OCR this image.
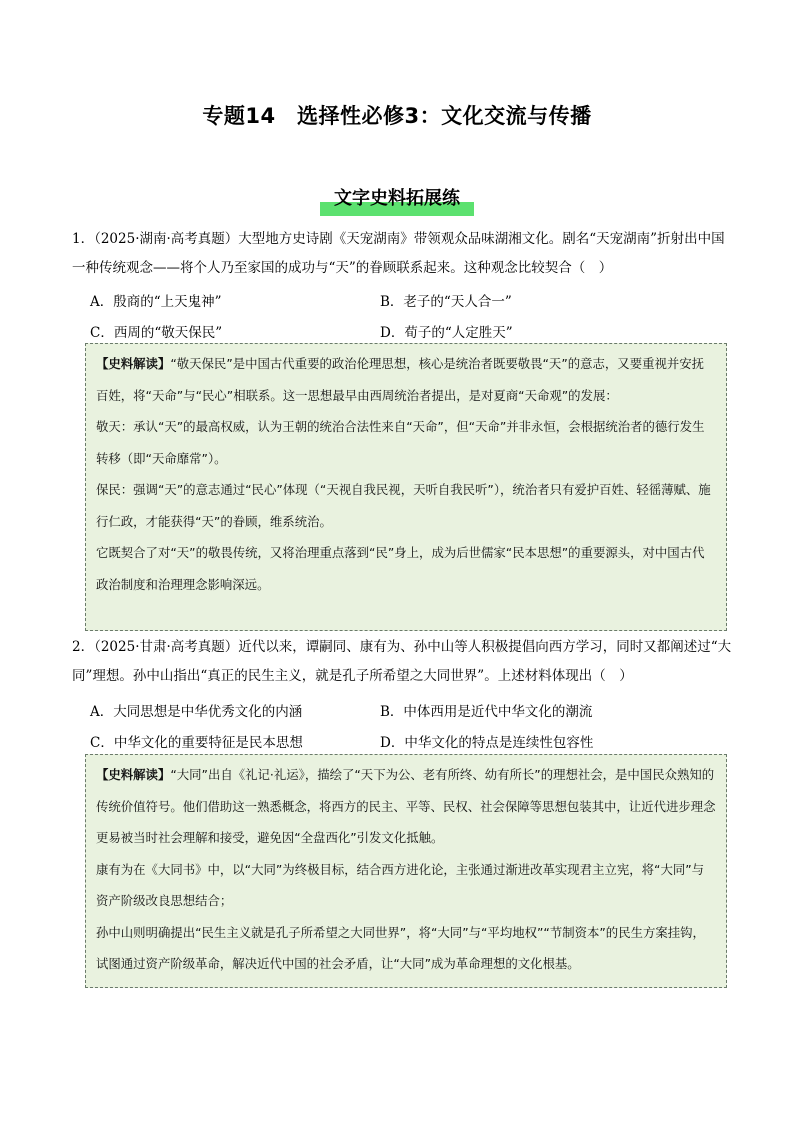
专题14　选择性必修3：文化交流与传播
文字史料拓展练
1．（2025·湖南·高考真题）大型地方史诗剧《天宠湖南》带领观众品味湖湘文化。剧名“天宠湖南”折射出中国一种传统观念——将个人乃至家国的成功与“天”的眷顾联系起来。这种观念比较契合（　）
A．殷商的“上天鬼神”	B．老子的“天人合一”
C．西周的“敬天保民”	D．荀子的“人定胜天”

【史料解读】“敬天保民”是中国古代重要的政治伦理思想，核心是统治者既要敬畏“天”的意志，又要重视并安抚百姓，将“天命”与“民心”相联系。这一思想最早由西周统治者提出，是对夏商“天命观”的发展：

敬天：承认“天”的最高权威，认为王朝的统治合法性来自“天命”，但“天命”并非永恒，会根据统治者的德行发生转移（即“天命靡常”）。

保民：强调“天”的意志通过“民心”体现（“天视自我民视，天听自我民听”），统治者只有爱护百姓、轻徭薄赋、施行仁政，才能获得“天”的眷顾，维系统治。

它既契合了对“天”的敬畏传统，又将治理重点落到“民”身上，成为后世儒家“民本思想”的重要源头，对中国古代政治制度和治理理念影响深远。

2．（2025·甘肃·高考真题）近代以来，谭嗣同、康有为、孙中山等人积极提倡向西方学习，同时又都阐述过“大同”理想。孙中山指出“真正的民生主义，就是孔子所希望之大同世界”。上述材料体现出（　）
A．大同思想是中华优秀文化的内涵	B．中体西用是近代中华文化的潮流
C．中华文化的重要特征是民本思想	D．中华文化的特点是连续性包容性

【史料解读】“大同”出自《礼记·礼运》，描绘了“天下为公、老有所终、幼有所长”的理想社会，是中国民众熟知的传统价值符号。他们借助这一熟悉概念，将西方的民主、平等、民权、社会保障等思想包装其中，让近代进步理念更易被当时社会理解和接受，避免因“全盘西化”引发文化抵触。

康有为在《大同书》中，以“大同”为终极目标，结合西方进化论，主张通过渐进改革实现君主立宪，将“大同”与资产阶级改良思想结合；

孙中山则明确提出“民生主义就是孔子所希望之大同世界”，将“大同”与“平均地权”“节制资本”的民生方案挂钩，试图通过资产阶级革命，解决近代中国的社会矛盾，让“大同”成为革命理想的文化根基。
